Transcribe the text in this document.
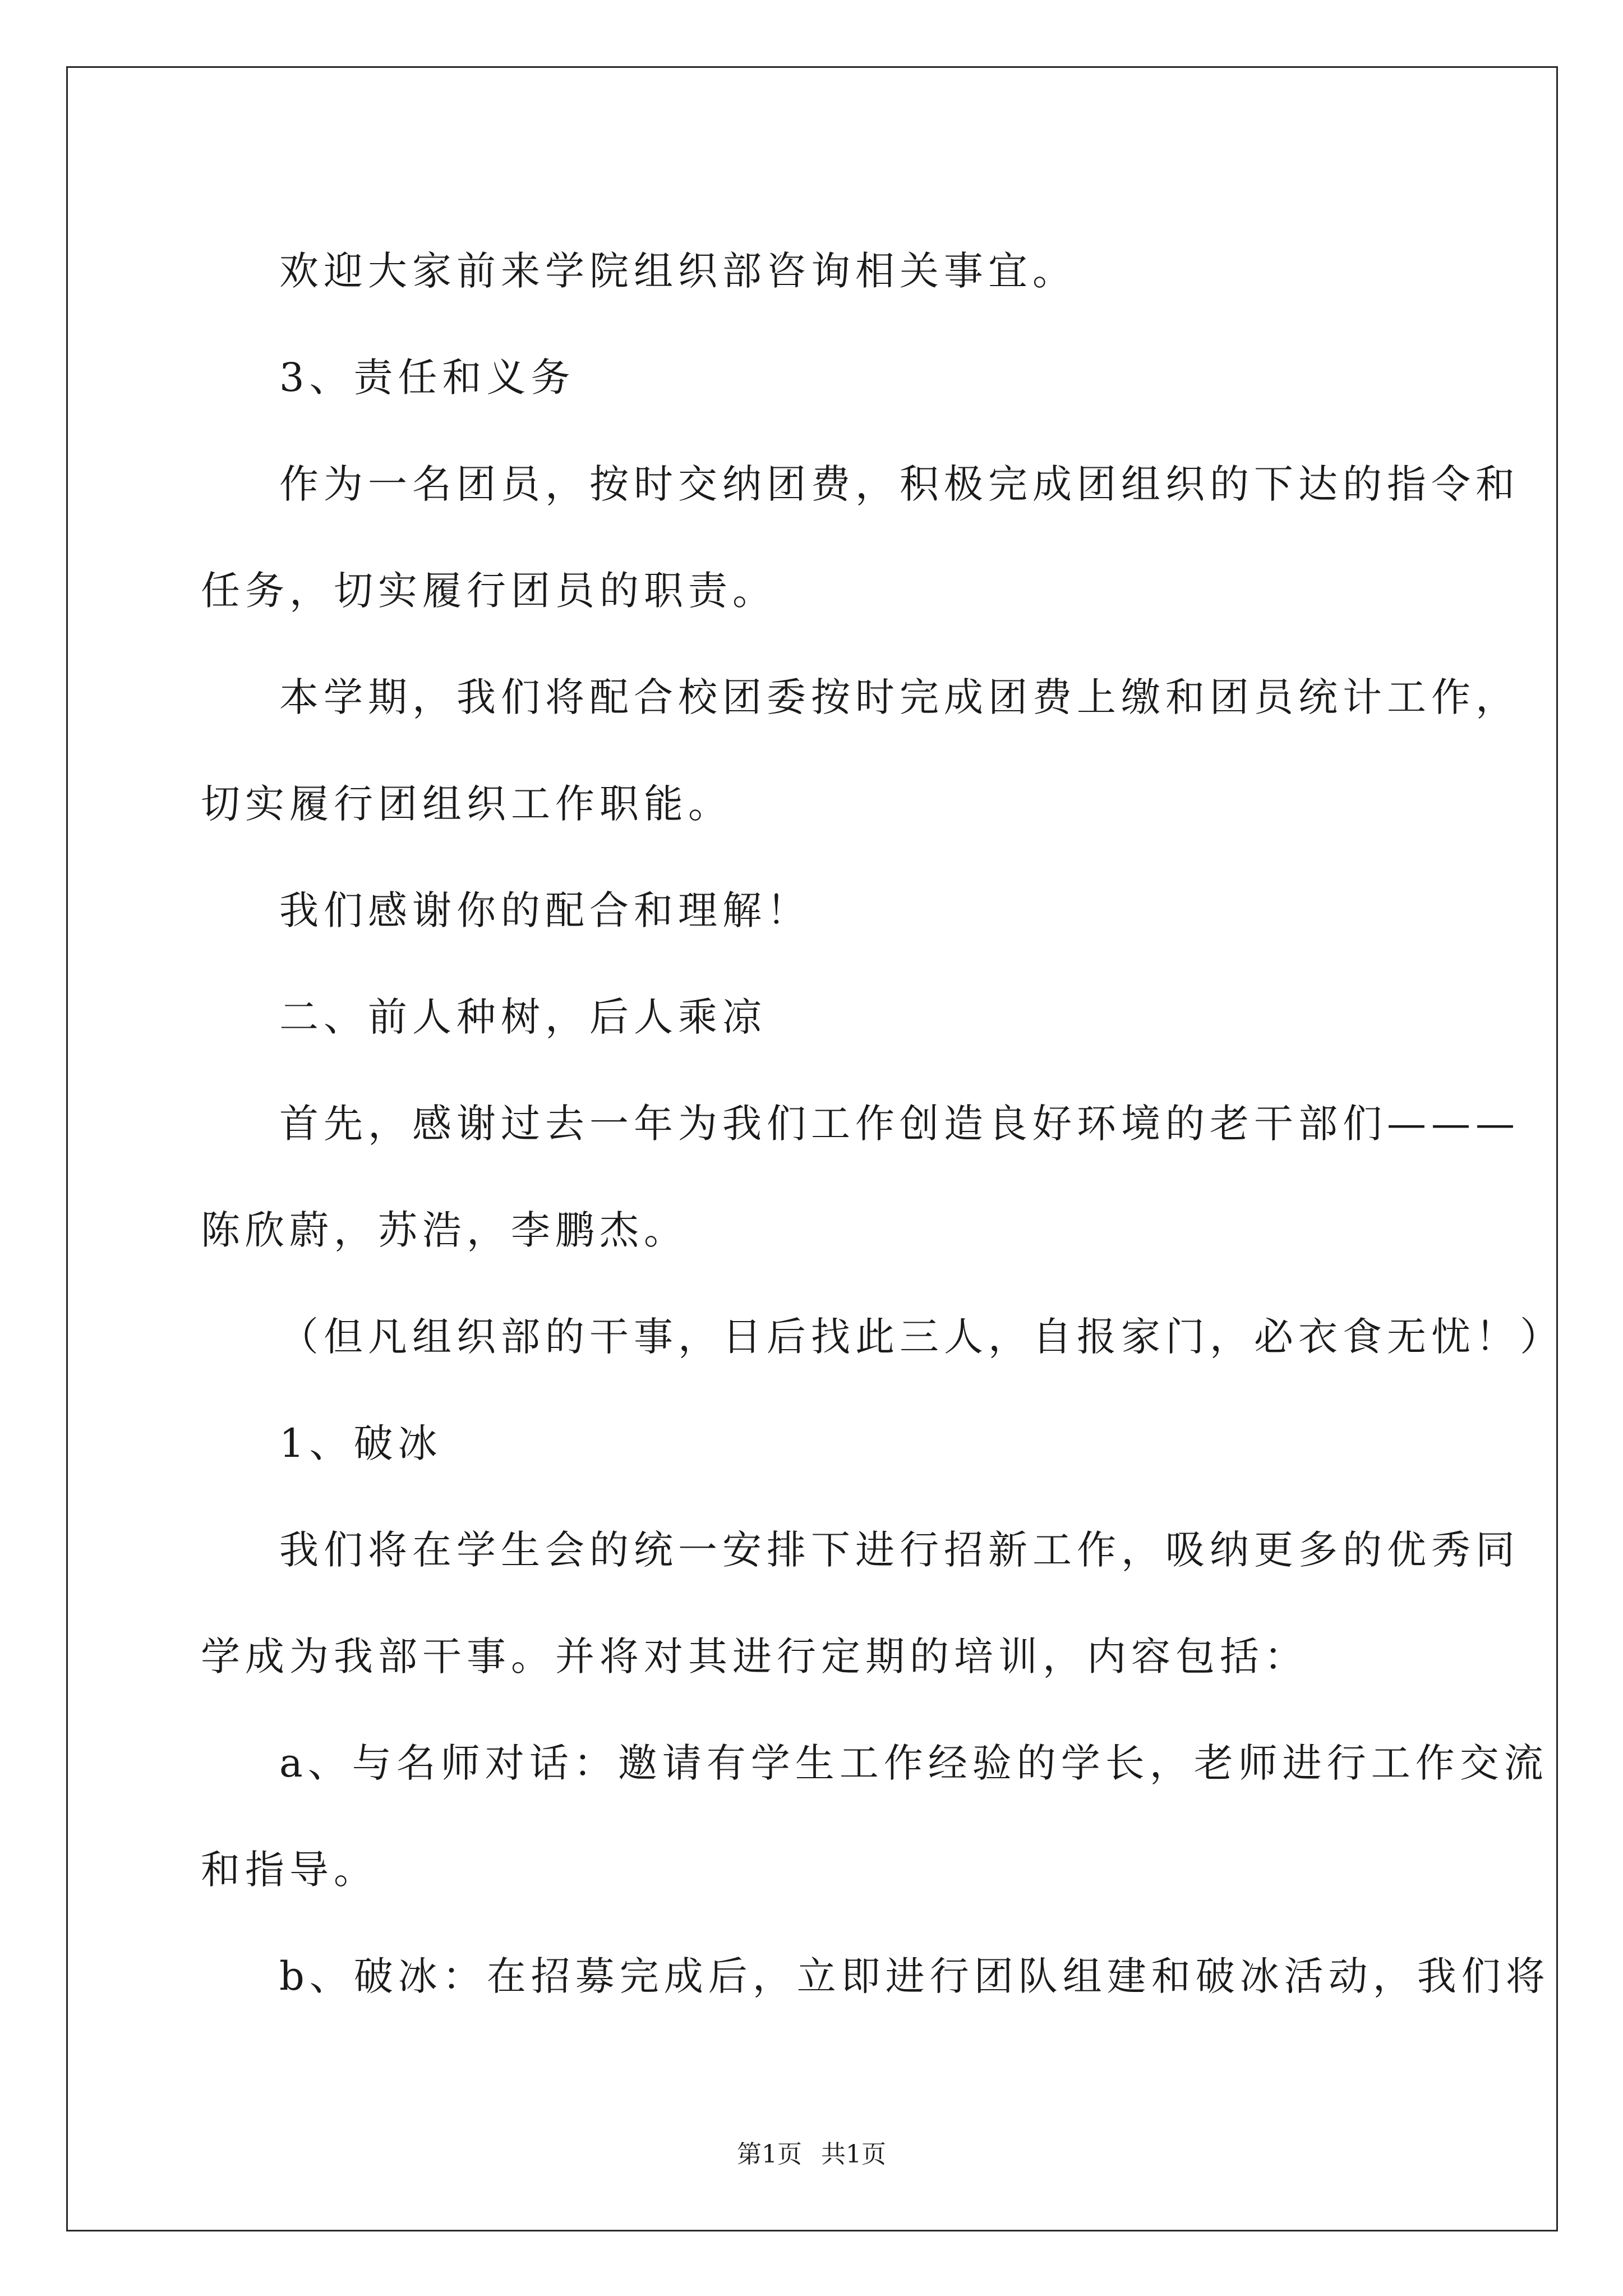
欢迎大家前来学院组织部咨询相关事宜。

3、责任和义务

作为一名团员，按时交纳团费，积极完成团组织的下达的指令和

任务，切实履行团员的职责。

本学期，我们将配合校团委按时完成团费上缴和团员统计工作，

切实履行团组织工作职能。

我们感谢你的配合和理解！

二、前人种树，后人乘凉

首先，感谢过去一年为我们工作创造良好环境的老干部们———

陈欣蔚，苏浩，李鹏杰。

（但凡组织部的干事，日后找此三人，自报家门，必衣食无忧！）

1、破冰

我们将在学生会的统一安排下进行招新工作，吸纳更多的优秀同

学成为我部干事。并将对其进行定期的培训，内容包括：

a、与名师对话：邀请有学生工作经验的学长，老师进行工作交流

和指导。

b、破冰：在招募完成后，立即进行团队组建和破冰活动，我们将

第1页 共1页
